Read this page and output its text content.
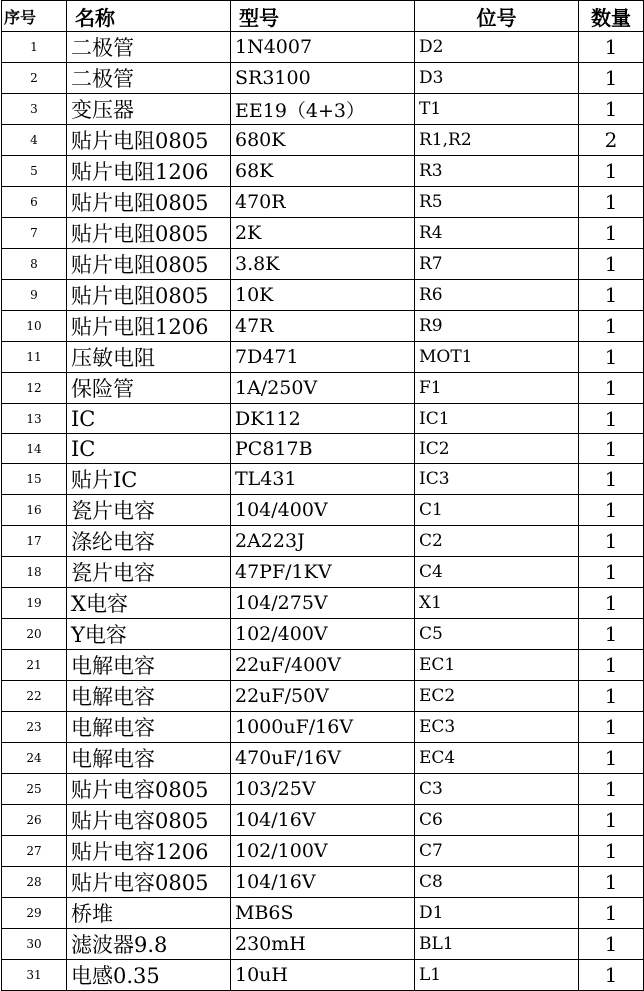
序号	名称	型号	位号	数量
1	二极管	1N4007	D2	1
2	二极管	SR3100	D3	1
3	变压器	EE19（4+3）	T1	1
4	贴片电阻0805	680K	R1,R2	2
5	贴片电阻1206	68K	R3	1
6	贴片电阻0805	470R	R5	1
7	贴片电阻0805	2K	R4	1
8	贴片电阻0805	3.8K	R7	1
9	贴片电阻0805	10K	R6	1
10	贴片电阻1206	47R	R9	1
11	压敏电阻	7D471	MOT1	1
12	保险管	1A/250V	F1	1
13	IC	DK112	IC1	1
14	IC	PC817B	IC2	1
15	贴片IC	TL431	IC3	1
16	瓷片电容	104/400V	C1	1
17	涤纶电容	2A223J	C2	1
18	瓷片电容	47PF/1KV	C4	1
19	X电容	104/275V	X1	1
20	Y电容	102/400V	C5	1
21	电解电容	22uF/400V	EC1	1
22	电解电容	22uF/50V	EC2	1
23	电解电容	1000uF/16V	EC3	1
24	电解电容	470uF/16V	EC4	1
25	贴片电容0805	103/25V	C3	1
26	贴片电容0805	104/16V	C6	1
27	贴片电容1206	102/100V	C7	1
28	贴片电容0805	104/16V	C8	1
29	桥堆	MB6S	D1	1
30	滤波器9.8	230mH	BL1	1
31	电感0.35	10uH	L1	1
